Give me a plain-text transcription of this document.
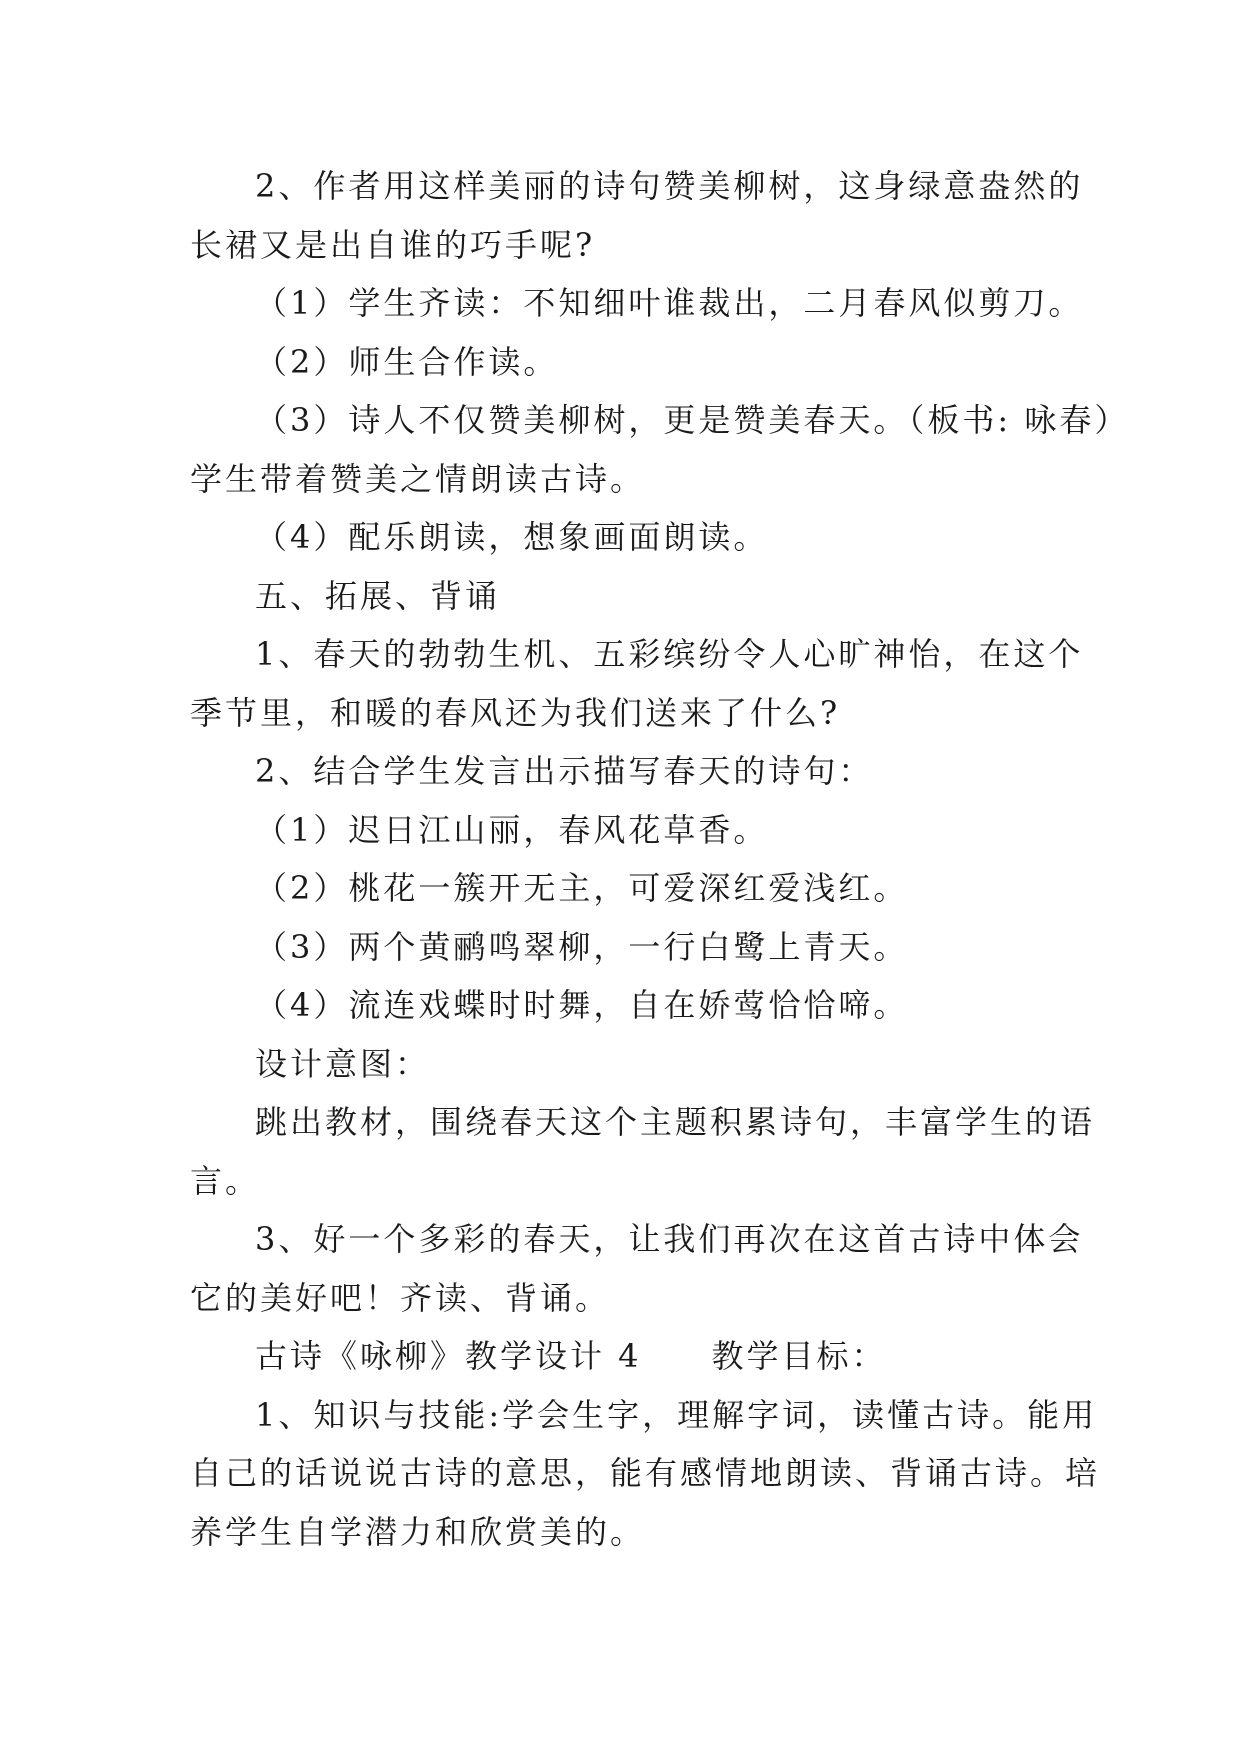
2、作者用这样美丽的诗句赞美柳树，这身绿意盎然的
长裙又是出自谁的巧手呢?
（1）学生齐读：不知细叶谁裁出，二月春风似剪刀。
（2）师生合作读。
（3）诗人不仅赞美柳树，更是赞美春天。（板书: 咏春）
学生带着赞美之情朗读古诗。
（4）配乐朗读，想象画面朗读。
五、拓展、背诵
1、春天的勃勃生机、五彩缤纷令人心旷神怡，在这个
季节里，和暖的春风还为我们送来了什么?
2、结合学生发言出示描写春天的诗句：
（1）迟日江山丽，春风花草香。
（2）桃花一簇开无主，可爱深红爱浅红。
（3）两个黄鹂鸣翠柳，一行白鹭上青天。
（4）流连戏蝶时时舞，自在娇莺恰恰啼。
设计意图：
跳出教材，围绕春天这个主题积累诗句，丰富学生的语
言。
3、好一个多彩的春天，让我们再次在这首古诗中体会
它的美好吧！齐读、背诵。
古诗《咏柳》教学设计 4　　教学目标：
1、知识与技能:学会生字，理解字词，读懂古诗。能用
自己的话说说古诗的意思，能有感情地朗读、背诵古诗。培
养学生自学潜力和欣赏美的。
